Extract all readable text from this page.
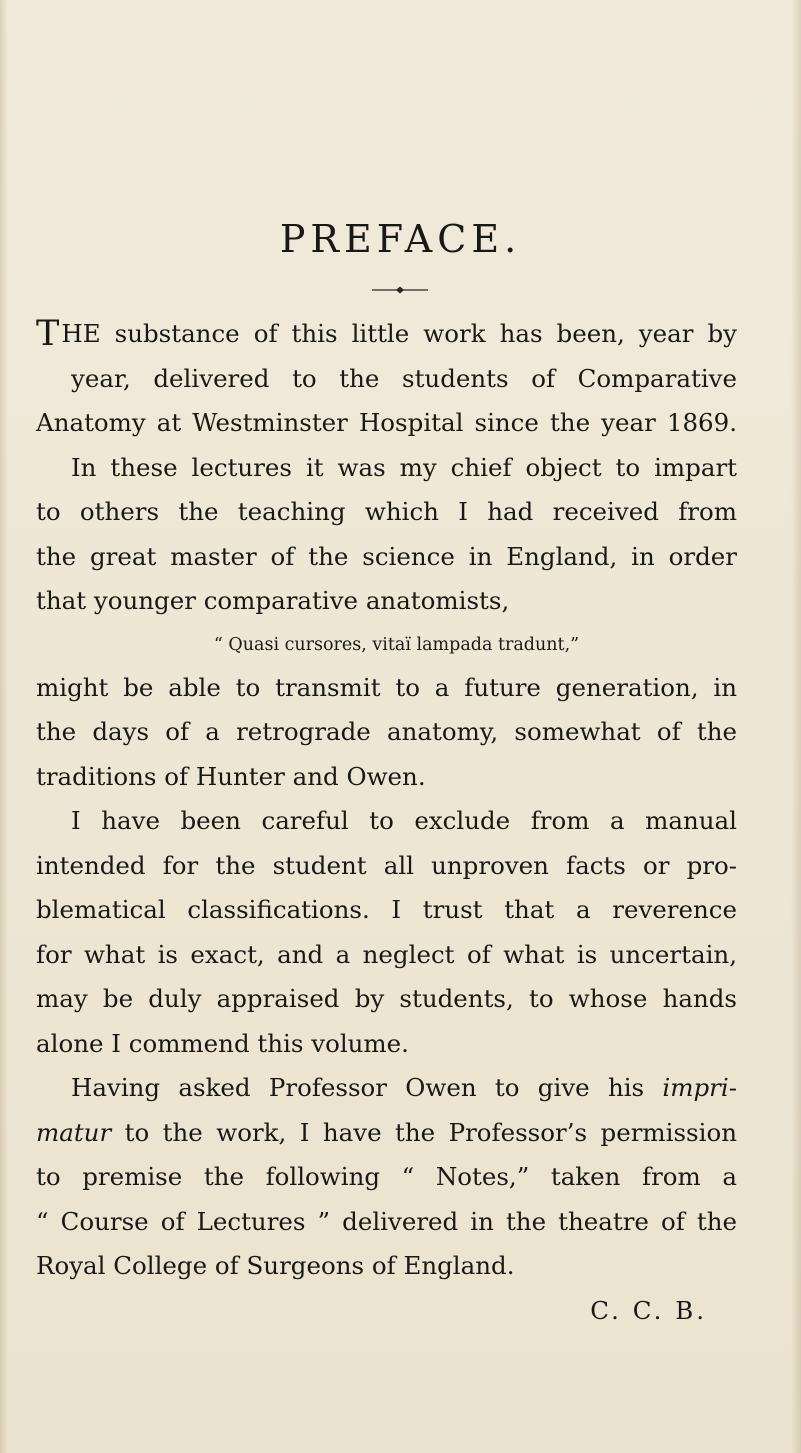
PREFACE.
T HE substance of this little work has been, year by
year, delivered to the students of Comparative
Anatomy at Westminster Hospital since the year 1869.
In these lectures it was my chief object to impart
to others the teaching which I had received from
the great master of the science in England, in order
that younger comparative anatomists,
“ Quasi cursores, vitaï lampada tradunt,”
might be able to transmit to a future generation, in
the days of a retrograde anatomy, somewhat of the
traditions of Hunter and Owen.
I have been careful to exclude from a manual
intended for the student all unproven facts or pro-
blematical classifications. I trust that a reverence
for what is exact, and a neglect of what is uncertain,
may be duly appraised by students, to whose hands
alone I commend this volume.
Having asked Professor Owen to give his impri-
matur to the work, I have the Professor’s permission
to premise the following “ Notes,” taken from a
“ Course of Lectures ” delivered in the theatre of the
Royal College of Surgeons of England.
C. C. B.
